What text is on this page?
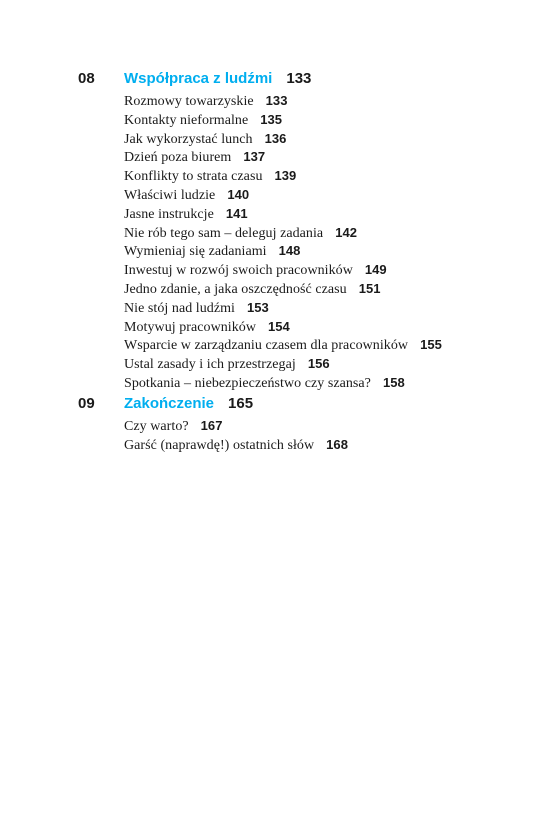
08 Współpraca z ludźmi 133
Rozmowy towarzyskie 133
Kontakty nieformalne 135
Jak wykorzystać lunch 136
Dzień poza biurem 137
Konflikty to strata czasu 139
Właściwi ludzie 140
Jasne instrukcje 141
Nie rób tego sam – deleguj zadania 142
Wymieniaj się zadaniami 148
Inwestuj w rozwój swoich pracowników 149
Jedno zdanie, a jaka oszczędność czasu 151
Nie stój nad ludźmi 153
Motywuj pracowników 154
Wsparcie w zarządzaniu czasem dla pracowników 155
Ustal zasady i ich przestrzegaj 156
Spotkania – niebezpieczeństwo czy szansa? 158
09 Zakończenie 165
Czy warto? 167
Garść (naprawdę!) ostatnich słów 168
